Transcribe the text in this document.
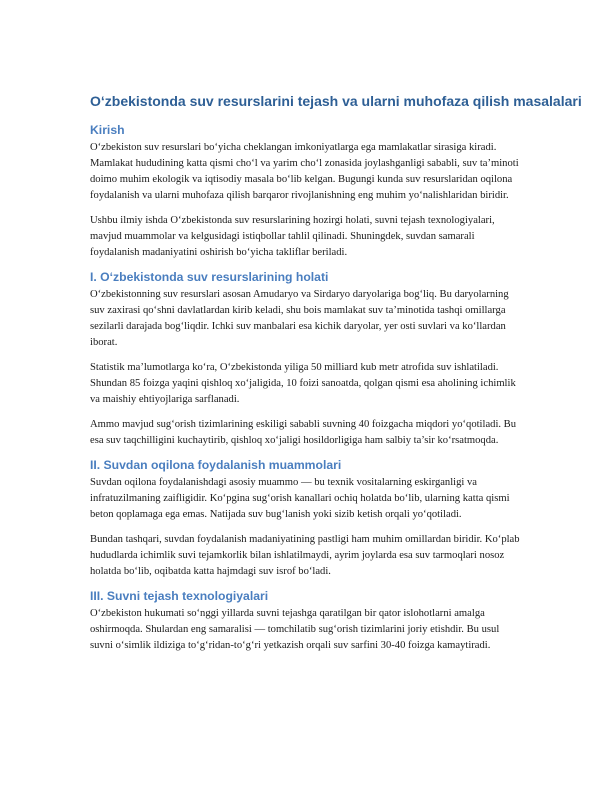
O‘zbekistonda suv resurslarini tejash va ularni muhofaza qilish masalalari
Kirish

O‘zbekiston suv resurslari bo‘yicha cheklangan imkoniyatlarga ega mamlakatlar sirasiga kiradi. Mamlakat hududining katta qismi cho‘l va yarim cho‘l zonasida joylashganligi sababli, suv ta’minoti doimo muhim ekologik va iqtisodiy masala bo‘lib kelgan. Bugungi kunda suv resurslaridan oqilona foydalanish va ularni muhofaza qilish barqaror rivojlanishning eng muhim yo‘nalishlaridan biridir.

Ushbu ilmiy ishda O‘zbekistonda suv resurslarining hozirgi holati, suvni tejash texnologiyalari, mavjud muammolar va kelgusidagi istiqbollar tahlil qilinadi. Shuningdek, suvdan samarali foydalanish madaniyatini oshirish bo‘yicha takliflar beriladi.

I. O‘zbekistonda suv resurslarining holati

O‘zbekistonning suv resurslari asosan Amudaryo va Sirdaryo daryolariga bog‘liq. Bu daryolarning suv zaxirasi qo‘shni davlatlardan kirib keladi, shu bois mamlakat suv ta’minotida tashqi omillarga sezilarli darajada bog‘liqdir. Ichki suv manbalari esa kichik daryolar, yer osti suvlari va ko‘llardan iborat.

Statistik ma’lumotlarga ko‘ra, O‘zbekistonda yiliga 50 milliard kub metr atrofida suv ishlatiladi. Shundan 85 foizga yaqini qishloq xo‘jaligida, 10 foizi sanoatda, qolgan qismi esa aholining ichimlik va maishiy ehtiyojlariga sarflanadi.

Ammo mavjud sug‘orish tizimlarining eskiligi sababli suvning 40 foizgacha miqdori yo‘qotiladi. Bu esa suv taqchilligini kuchaytirib, qishloq xo‘jaligi hosildorligiga ham salbiy ta’sir ko‘rsatmoqda.

II. Suvdan oqilona foydalanish muammolari

Suvdan oqilona foydalanishdagi asosiy muammo — bu texnik vositalarning eskirganligi va infratuzilmaning zaifligidir. Ko‘pgina sug‘orish kanallari ochiq holatda bo‘lib, ularning katta qismi beton qoplamaga ega emas. Natijada suv bug‘lanish yoki sizib ketish orqali yo‘qotiladi.

Bundan tashqari, suvdan foydalanish madaniyatining pastligi ham muhim omillardan biridir. Ko‘plab hududlarda ichimlik suvi tejamkorlik bilan ishlatilmaydi, ayrim joylarda esa suv tarmoqlari nosoz holatda bo‘lib, oqibatda katta hajmdagi suv isrof bo‘ladi.

III. Suvni tejash texnologiyalari

O‘zbekiston hukumati so‘nggi yillarda suvni tejashga qaratilgan bir qator islohotlarni amalga oshirmoqda. Shulardan eng samaralisi — tomchilatib sug‘orish tizimlarini joriy etishdir. Bu usul suvni o‘simlik ildiziga to‘g‘ridan-to‘g‘ri yetkazish orqali suv sarfini 30-40 foizga kamaytiradi.
